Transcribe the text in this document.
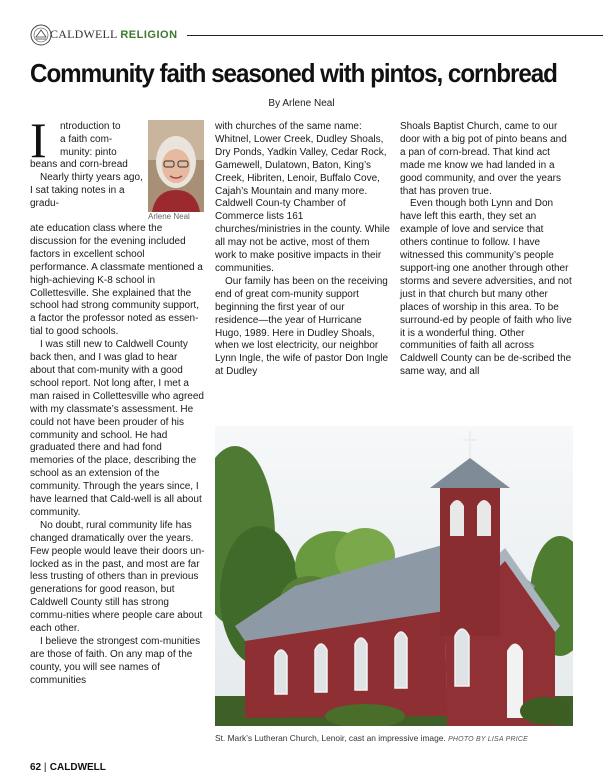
CALDWELL RELIGION
Community faith seasoned with pintos, cornbread
By Arlene Neal
I ntroduction to

a faith com-

munity: pinto

Arlene Neal

beans and corn-bread

Nearly thirty years ago, I sat taking notes in a gradu-

ate education class where the discussion for the evening included factors in excellent school performance. A classmate mentioned a high-achieving K-8 school in Collettesville. She explained that the school had strong community support, a factor the professor noted as essen-tial to good schools.

I was still new to Caldwell County back then, and I was glad to hear about that com-munity with a good school report. Not long after, I met a man raised in Collettesville who agreed with my classmate’s assessment. He could not have been prouder of his community and school. He had graduated there and had fond memories of the place, describing the school as an extension of the community. Through the years since, I have learned that Cald-well is all about community.

No doubt, rural community life has changed dramatically over the years. Few people would leave their doors un-locked as in the past, and most are far less trusting of others than in previous generations for good reason, but Caldwell County still has strong commu-nities where people care about each other.

I believe the strongest com-munities are those of faith. On any map of the county, you will see names of communities

with churches of the same name: Whitnel, Lower Creek, Dudley Shoals, Dry Ponds, Yadkin Valley, Cedar Rock, Gamewell, Dulatown, Baton, King’s Creek, Hibriten, Lenoir, Buffalo Cove, Cajah’s Mountain and many more. Caldwell Coun-ty Chamber of Commerce lists 161 churches/ministries in the county. While all may not be active, most of them work to make positive impacts in their communities.

Our family has been on the receiving end of great com-munity support beginning the first year of our residence—the year of Hurricane Hugo, 1989. Here in Dudley Shoals, when we lost electricity, our neighbor Lynn Ingle, the wife of pastor Don Ingle at Dudley

Shoals Baptist Church, came to our door with a big pot of pinto beans and a pan of corn-bread. That kind act made me know we had landed in a good community, and over the years that has proven true.

Even though both Lynn and Don have left this earth, they set an example of love and service that others continue to follow. I have witnessed this community’s people support-ing one another through other storms and severe adversities, and not just in that church but many other places of worship in this area. To be surround-ed by people of faith who live it is a wonderful thing. Other communities of faith all across Caldwell County can be de-scribed the same way, and all

St. Mark’s Lutheran Church, Lenoir, cast an impressive image. PHOTO BY LISA PRICE
62 | CALDWELL
